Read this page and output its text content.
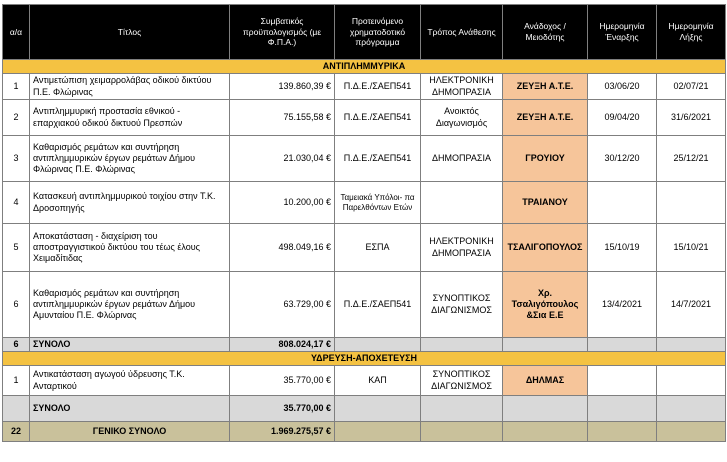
α/α	Τίτλος	Συμβατικός προϋπολογισμός (με Φ.Π.Α.)	Προτεινόμενο χρηματοδοτικό πρόγραμμα	Τρόπος Ανάθεσης	Ανάδοχος / Μειοδότης	Ημερομηνία Έναρξης	Ημερομηνία Λήξης
ΑΝΤΙΠΛΗΜΜΥΡΙΚΑ							
1	Αντιμετώπιση χειμαρρολάβας οδικού δικτύου Π.Ε. Φλώρινας	139.860,39 €	Π.Δ.Ε./ΣΑΕΠ541	ΗΛΕΚΤΡΟΝΙΚΗ ΔΗΜΟΠΡΑΣΙΑ	ΖΕΥΞΗ Α.Τ.Ε.	03/06/20	02/07/21
2	Αντιπλημμυρική προστασία εθνικού - επαρχιακού οδικού δικτυού Πρεσπών	75.155,58 €	Π.Δ.Ε./ΣΑΕΠ541	Ανοικτός Διαγωνισμός	ΖΕΥΞΗ Α.Τ.Ε.	09/04/20	31/6/2021
3	Καθαρισμός ρεμάτων και συντήρηση αντιπλημμυρικών έργων ρεμάτων Δήμου Φλώρινας Π.Ε. Φλώρινας	21.030,04 €	Π.Δ.Ε./ΣΑΕΠ541	ΔΗΜΟΠΡΑΣΙΑ	ΓΡΟΥΙΟΥ	30/12/20	25/12/21
4	Κατασκευή αντιπλημμυρικού τοιχίου στην Τ.Κ. Δροσοπηγής	10.200,00 €	Ταμειακά Υπόλοι- πα Παρελθόντων Ετών		ΤΡΑΙΑΝΟΥ		
5	Αποκατάσταση - διαχείριση του αποστραγγιστικού δικτύου του τέως έλους Χειμαδίτιδας	498.049,16 €	ΕΣΠΑ	ΗΛΕΚΤΡΟΝΙΚΗ ΔΗΜΟΠΡΑΣΙΑ	ΤΣΑΛΙΓΟΠΟΥΛΟΣ	15/10/19	15/10/21
6	Καθαρισμός ρεμάτων και συντήρηση αντιπλημμυρικών έργων ρεμάτων Δήμου Αμυνταίου Π.Ε. Φλώρινας	63.729,00 €	Π.Δ.Ε./ΣΑΕΠ541	ΣΥΝΟΠΤΙΚΟΣ ΔΙΑΓΩΝΙΣΜΟΣ	Χρ. Τσαλιγόπουλος &Σια Ε.Ε	13/4/2021	14/7/2021
6	ΣΥΝΟΛΟ	808.024,17 €					
ΥΔΡΕΥΣΗ-ΑΠΟΧΕΤΕΥΣΗ							
1	Αντικατάσταση αγωγού ύδρευσης Τ.Κ. Ανταρτικού	35.770,00 €	ΚΑΠ	ΣΥΝΟΠΤΙΚΟΣ ΔΙΑΓΩΝΙΣΜΟΣ	ΔΗΛΜΑΣ		
	ΣΥΝΟΛΟ	35.770,00 €					
22	ΓΕΝΙΚΟ ΣΥΝΟΛΟ	1.969.275,57 €					
